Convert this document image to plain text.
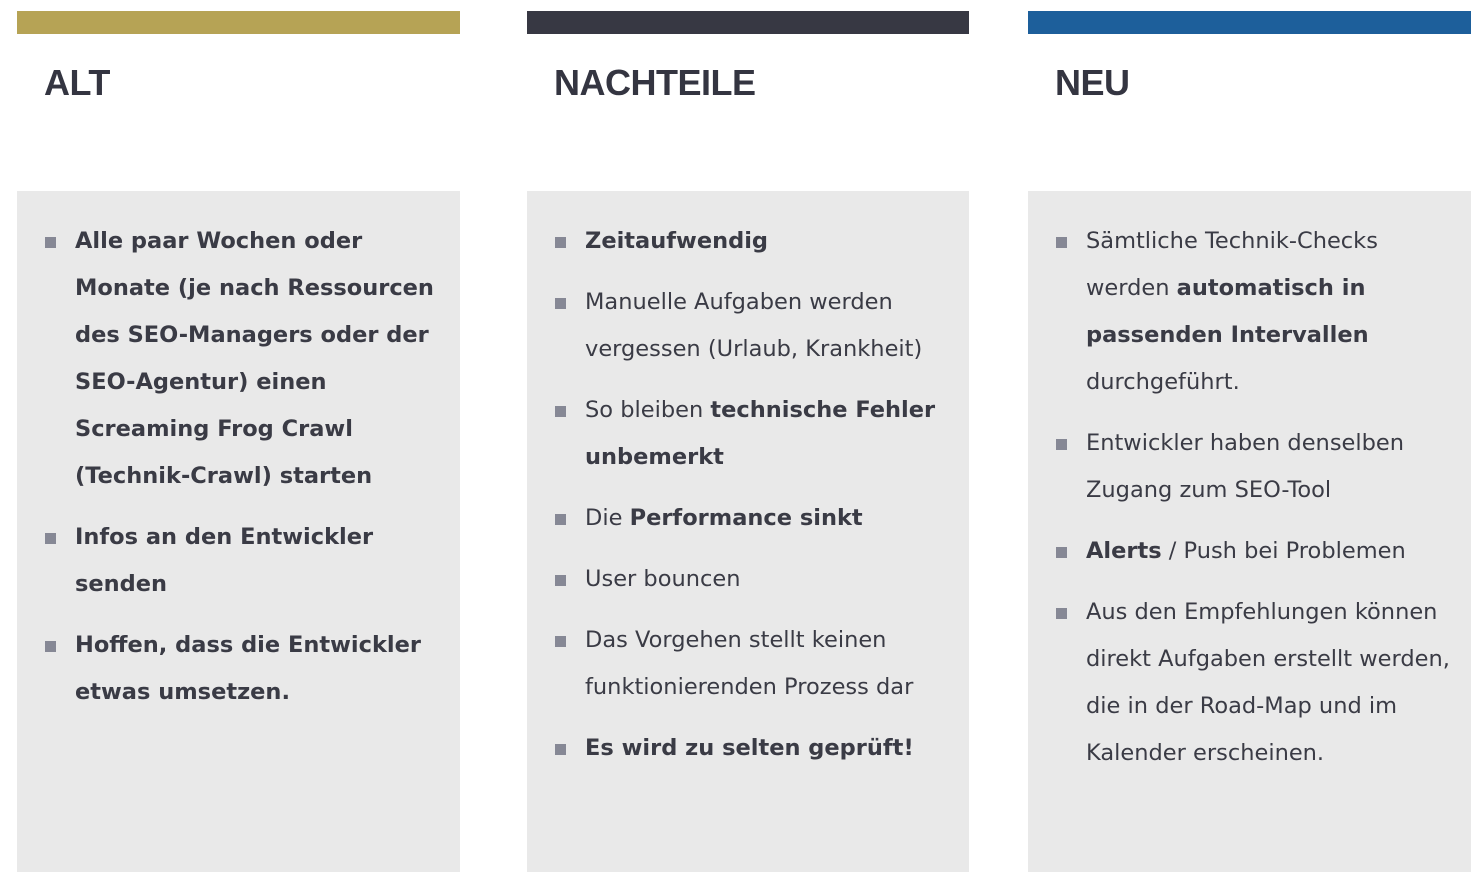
ALT
Alle paar Wochen oder Monate (je nach Ressourcen des SEO-Managers oder der SEO-Agentur) einen Screaming Frog Crawl (Technik-Crawl) starten
Infos an den Entwickler senden
Hoffen, dass die Entwickler etwas umsetzen.
NACHTEILE
Zeitaufwendig
Manuelle Aufgaben werden vergessen (Urlaub, Krankheit)
So bleiben technische Fehler unbemerkt
Die Performance sinkt
User bouncen
Das Vorgehen stellt keinen funktionierenden Prozess dar
Es wird zu selten geprüft!
NEU
Sämtliche Technik-Checks werden automatisch in passenden Intervallen durchgeführt.
Entwickler haben denselben Zugang zum SEO-Tool
Alerts / Push bei Problemen
Aus den Empfehlungen können direkt Aufgaben erstellt werden, die in der Road-Map und im Kalender erscheinen.
